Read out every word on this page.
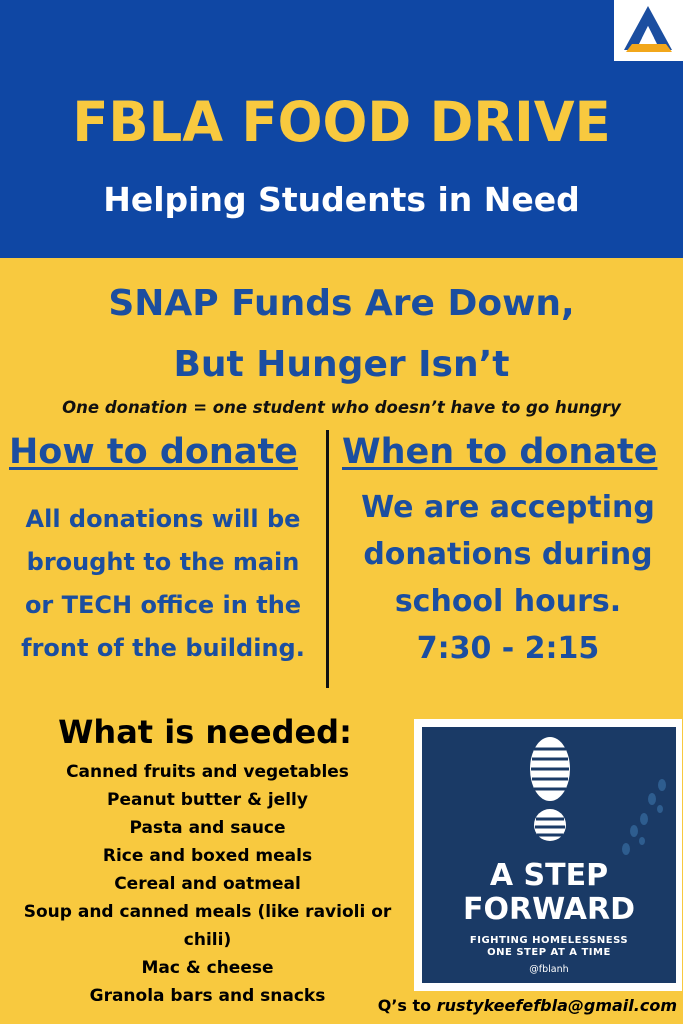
FBLA FOOD DRIVE
Helping Students in Need
SNAP Funds Are Down,
But Hunger Isn’t
One donation = one student who doesn’t have to go hungry
How to donate When to donate
All donations will be
brought to the main
or TECH office in the
front of the building.
We are accepting
donations during
school hours.
7:30 - 2:15
What is needed:
Canned fruits and vegetables
Peanut butter & jelly
Pasta and sauce
Rice and boxed meals
Cereal and oatmeal
Soup and canned meals (like ravioli or
chili)
Mac & cheese
Granola bars and snacks
A STEP
FORWARD
FIGHTING HOMELESSNESS
ONE STEP AT A TIME
@fblanh
Q’s to rustykeefefbla@gmail.com
